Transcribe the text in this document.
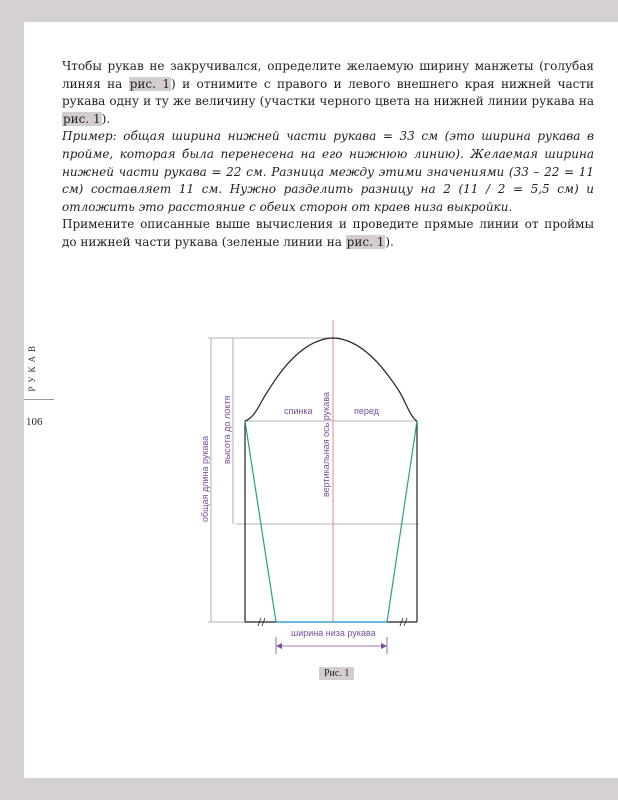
Чтобы рукав не закручивался, определите желаемую ширину манжеты (голубая линяя на рис. 1) и отнимите с правого и левого внешнего края нижней части рукава одну и ту же величину (участки черного цвета на нижней линии рукава на рис. 1).

Пример: общая ширина нижней части рукава = 33 см (это ширина рукава в пройме, которая была перенесена на его нижнюю линию). Желаемая ширина нижней части рукава = 22 см. Разница между этими значениями (33 – 22 = 11 см) составляет 11 см. Нужно разделить разницу на 2 (11 / 2 = 5,5 см) и отложить это расстояние с обеих сторон от краев низа выкройки.

Примените описанные выше вычисления и проведите прямые линии от проймы до нижней части рукава (зеленые линии на рис. 1).

РУКАВ
106
спинка	перед
ширина низа рукава
вертикальная ось рукава
высота до локтя
общая длина рукава
Рис. 1
